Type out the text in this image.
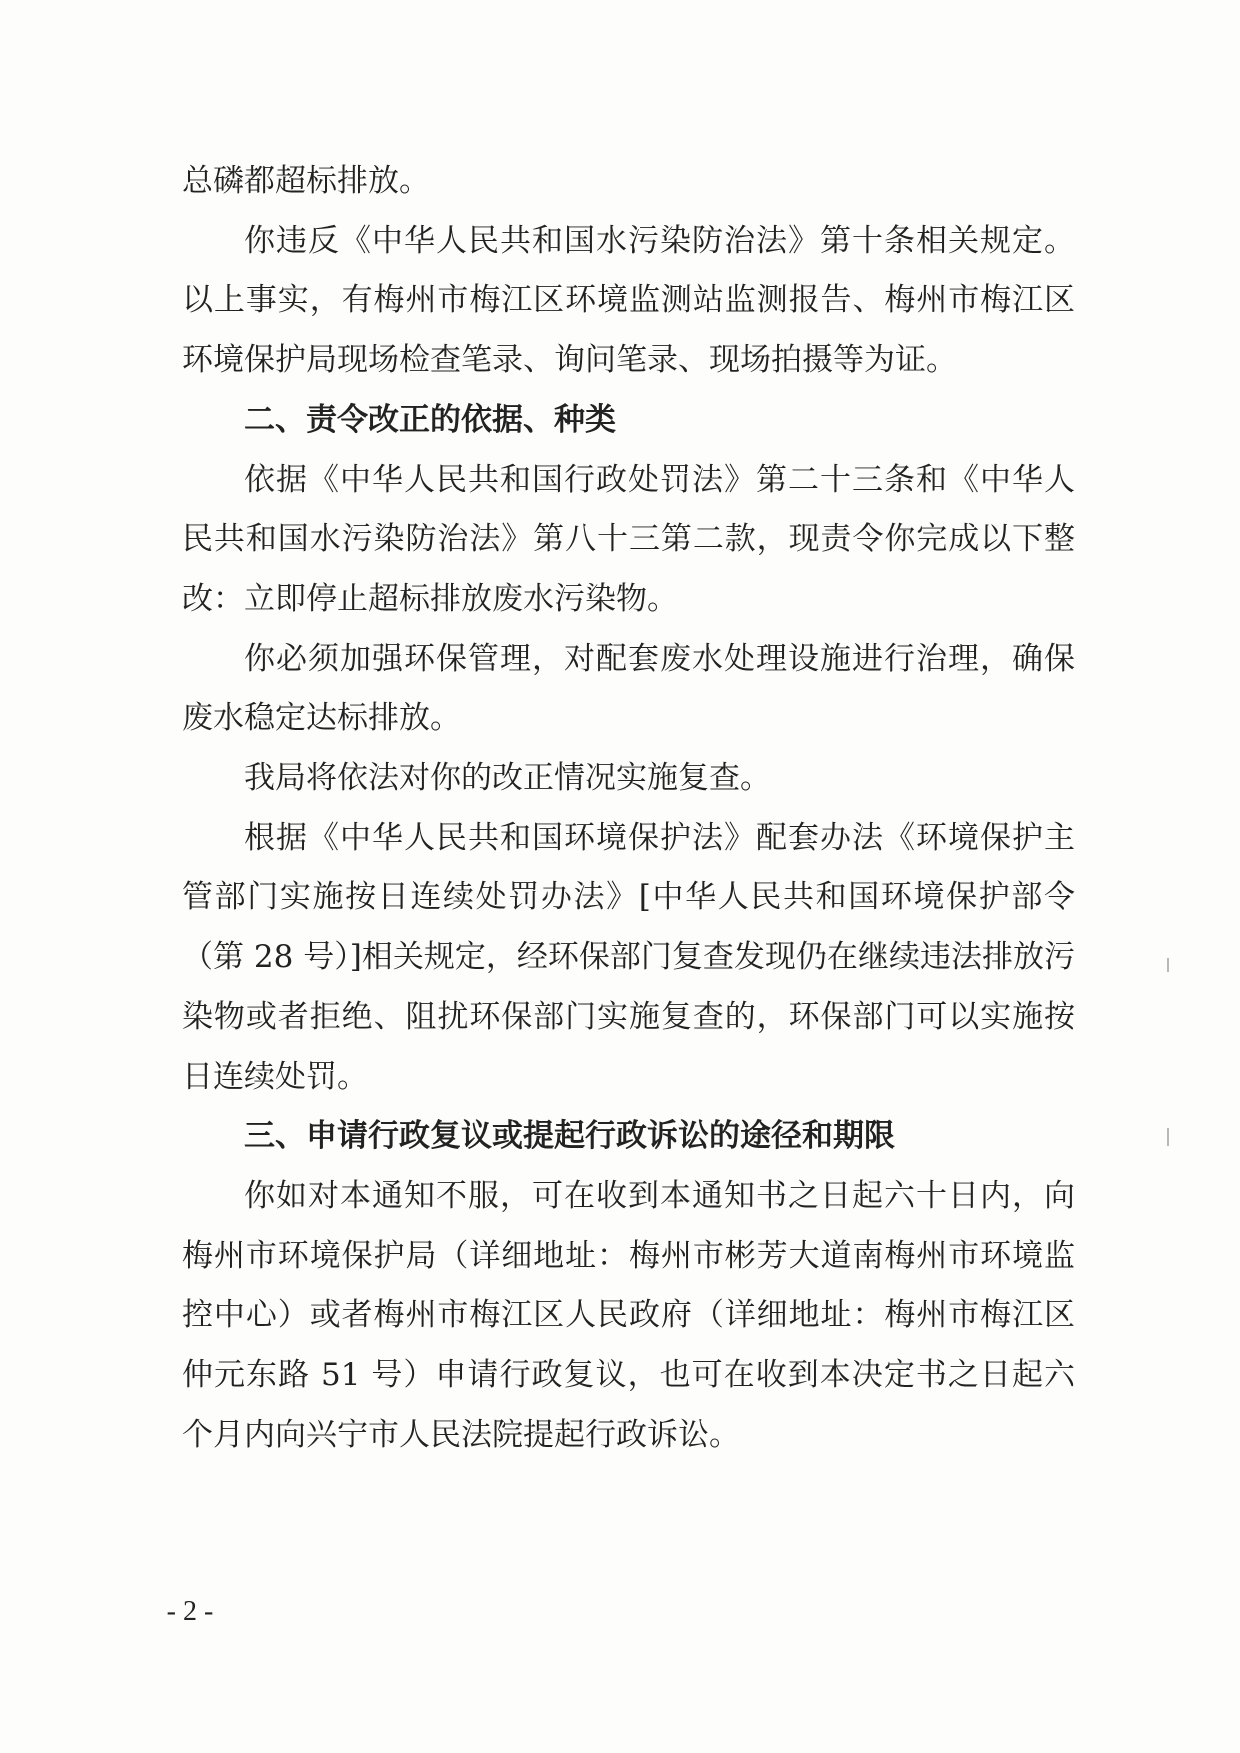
总磷都超标排放。

你违反《中华人民共和国水污染防治法》第十条相关规定。以上事实，有梅州市梅江区环境监测站监测报告、梅州市梅江区环境保护局现场检查笔录、询问笔录、现场拍摄等为证。

二、责令改正的依据、种类

依据《中华人民共和国行政处罚法》第二十三条和《中华人民共和国水污染防治法》第八十三第二款，现责令你完成以下整改：立即停止超标排放废水污染物。

你必须加强环保管理，对配套废水处理设施进行治理，确保废水稳定达标排放。

我局将依法对你的改正情况实施复查。

根据《中华人民共和国环境保护法》配套办法《环境保护主管部门实施按日连续处罚办法》[中华人民共和国环境保护部令（第 28 号）]相关规定，经环保部门复查发现仍在继续违法排放污染物或者拒绝、阻扰环保部门实施复查的，环保部门可以实施按日连续处罚。

三、申请行政复议或提起行政诉讼的途径和期限

你如对本通知不服，可在收到本通知书之日起六十日内，向梅州市环境保护局（详细地址：梅州市彬芳大道南梅州市环境监控中心）或者梅州市梅江区人民政府（详细地址：梅州市梅江区仲元东路 51 号）申请行政复议，也可在收到本决定书之日起六个月内向兴宁市人民法院提起行政诉讼。

- 2 -
